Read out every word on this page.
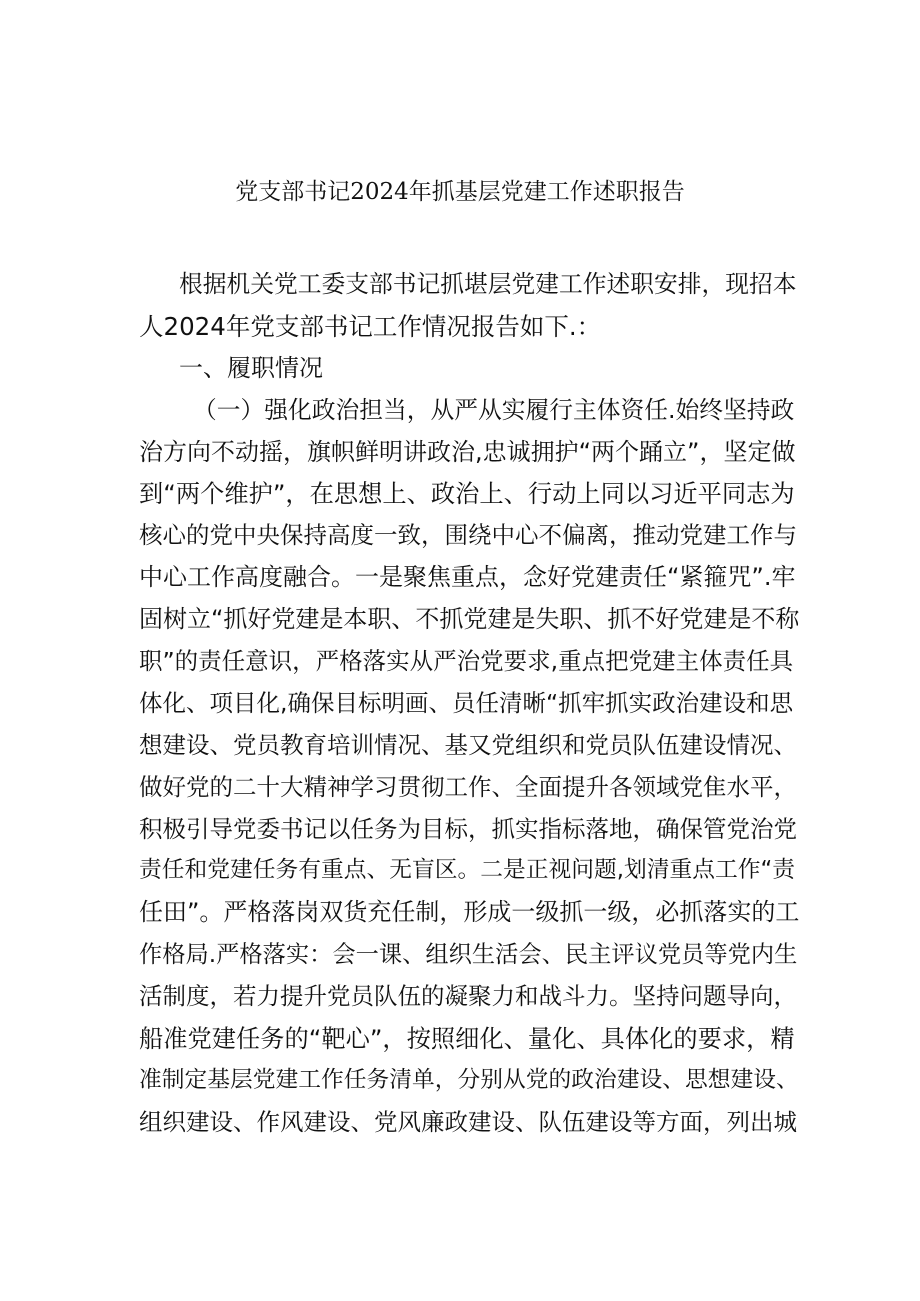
党支部书记2024年抓基层党建工作述职报告
根据机关党工委支部书记抓堪层党建工作述职安排，现招本
人2024年党支部书记工作情况报告如下.：
一、履职情况
（一）强化政治担当，从严从实履行主体资任.始终坚持政
治方向不动摇，旗帜鲜明讲政治,忠诚拥护“两个踊立”，坚定做
到“两个维护”，在思想上、政治上、行动上同以习近平同志为
核心的党中央保持高度一致，围绕中心不偏离，推动党建工作与
中心工作高度融合。一是聚焦重点，念好党建责任“紧箍咒”.牢
固树立“抓好党建是本职、不抓党建是失职、抓不好党建是不称
职”的责任意识，严格落实从严治党要求,重点把党建主体责任具
体化、项目化,确保目标明画、员任清晰“抓牢抓实政治建设和思
想建设、党员教育培训情况、基又党组织和党员队伍建设情况、
做好党的二十大精神学习贯彻工作、全面提升各领域党隹水平，
积极引导党委书记以任务为目标，抓实指标落地，确保管党治党
责任和党建任务有重点、无盲区。二是正视问题,划清重点工作“责
任田”。严格落岗双货充任制，形成一级抓一级，必抓落实的工
作格局.严格落实：会一课、组织生活会、民主评议党员等党内生
活制度，若力提升党员队伍的凝聚力和战斗力。坚持问题导向，
船准党建任务的“靶心”，按照细化、量化、具体化的要求，精
准制定基层党建工作任务清单，分别从党的政治建设、思想建设、
组织建设、作风建设、党风廉政建设、队伍建设等方面，列出城
